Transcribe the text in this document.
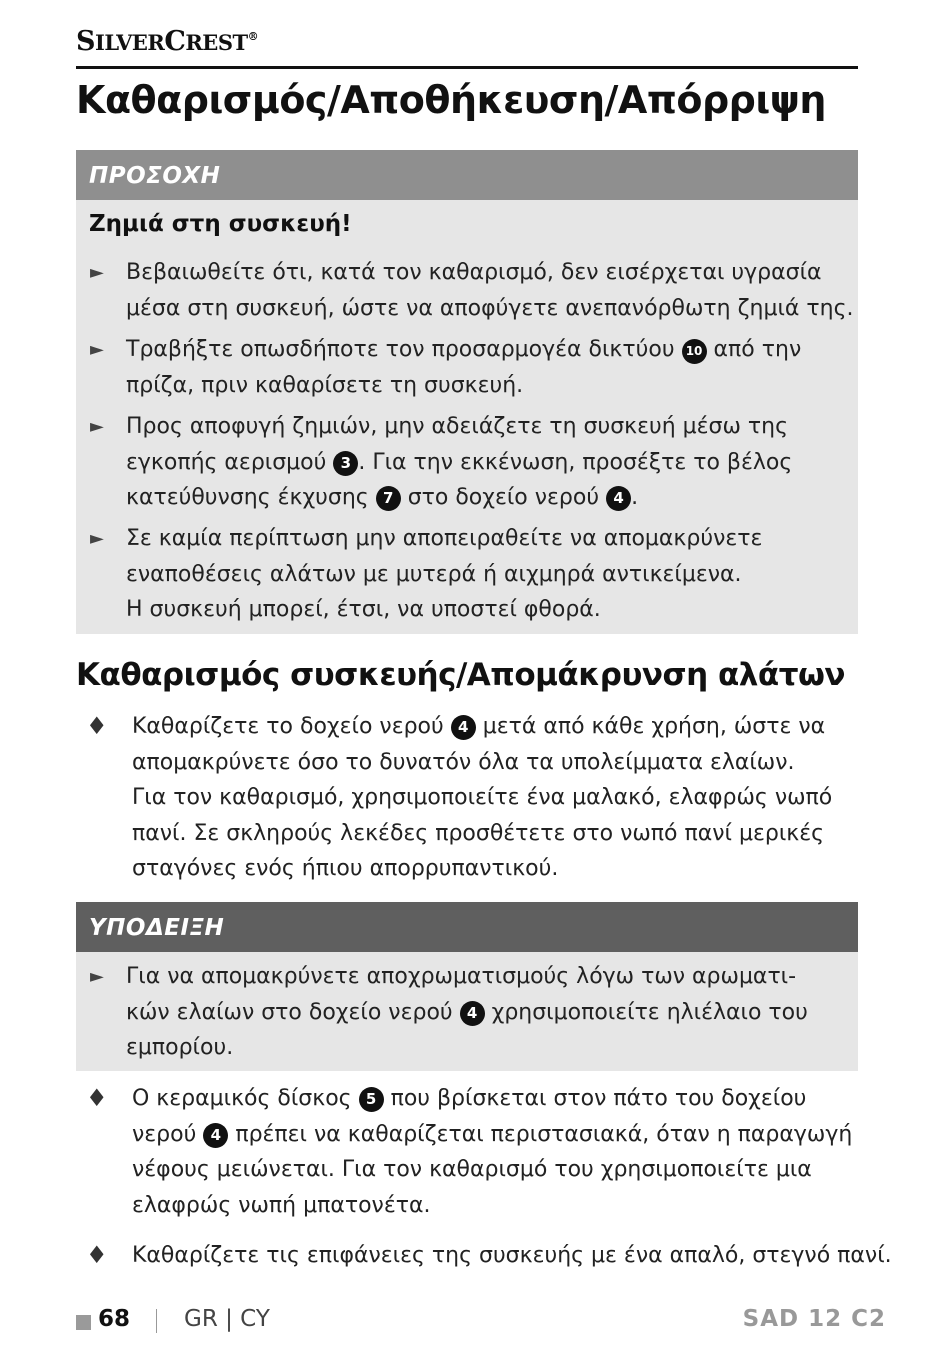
SILVERCREST®
Καθαρισμός/Αποθήκευση/Απόρριψη
ΠΡΟΣΟΧΗ
Ζημιά στη συσκευή!
► Βεβαιωθείτε ότι, κατά τον καθαρισμό, δεν εισέρχεται υγρασία
μέσα στη συσκευή, ώστε να αποφύγετε ανεπανόρθωτη ζημιά της.
► Τραβήξτε οπωσδήποτε τον προσαρμογέα δικτύου 10 από την
πρίζα, πριν καθαρίσετε τη συσκευή.
► Προς αποφυγή ζημιών, μην αδειάζετε τη συσκευή μέσω της
εγκοπής αερισμού 3 . Για την εκκένωση, προσέξτε το βέλος
κατεύθυνσης έκχυσης 7 στο δοχείο νερού 4 .
► Σε καμία περίπτωση μην αποπειραθείτε να απομακρύνετε
εναποθέσεις αλάτων με μυτερά ή αιχμηρά αντικείμενα.
Η συσκευή μπορεί, έτσι, να υποστεί φθορά.
Καθαρισμός συσκευής/Απομάκρυνση αλάτων
♦ Καθαρίζετε το δοχείο νερού 4 μετά από κάθε χρήση, ώστε να
απομακρύνετε όσο το δυνατόν όλα τα υπολείμματα ελαίων.
Για τον καθαρισμό, χρησιμοποιείτε ένα μαλακό, ελαφρώς νωπό
πανί. Σε σκληρούς λεκέδες προσθέτετε στο νωπό πανί μερικές
σταγόνες ενός ήπιου απορρυπαντικού.
ΥΠΟΔΕΙΞΗ
► Για να απομακρύνετε αποχρωματισμούς λόγω των αρωματι-
κών ελαίων στο δοχείο νερού 4 χρησιμοποιείτε ηλιέλαιο του
εμπορίου.
♦ Ο κεραμικός δίσκος 5 που βρίσκεται στον πάτο του δοχείου
νερού 4 πρέπει να καθαρίζεται περιστασιακά, όταν η παραγωγή
νέφους μειώνεται. Για τον καθαρισμό του χρησιμοποιείτε μια
ελαφρώς νωπή μπατονέτα.
♦ Καθαρίζετε τις επιφάνειες της συσκευής με ένα απαλό, στεγνό πανί.
68 GR | CY	SAD 12 C2
